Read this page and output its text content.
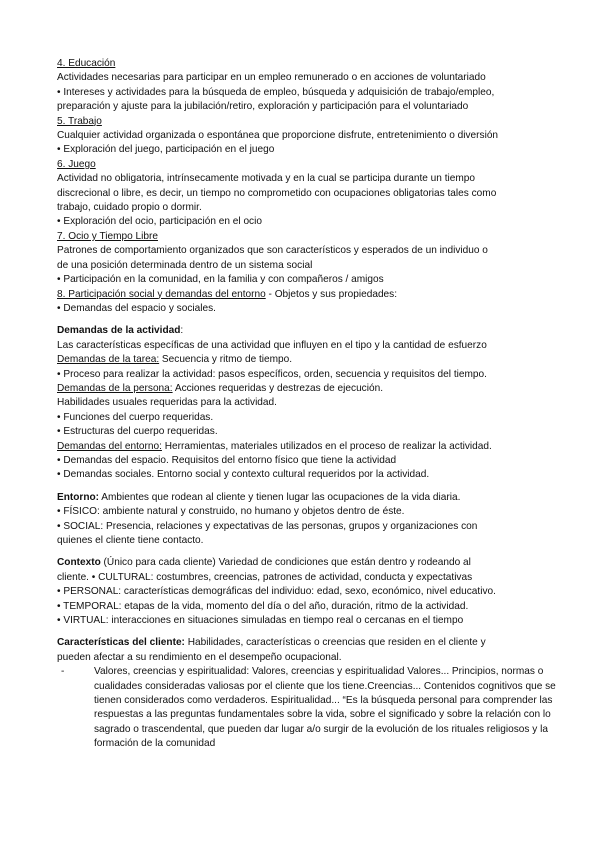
4. Educación

Actividades necesarias para participar en un empleo remunerado o en acciones de voluntariado

• Intereses y actividades para la búsqueda de empleo, búsqueda y adquisición de trabajo/empleo,

preparación y ajuste para la jubilación/retiro, exploración y participación para el voluntariado

5. Trabajo

Cualquier actividad organizada o espontánea que proporcione disfrute, entretenimiento o diversión

• Exploración del juego, participación en el juego

6. Juego

Actividad no obligatoria, intrínsecamente motivada y en la cual se participa durante un tiempo

discrecional o libre, es decir, un tiempo no comprometido con ocupaciones obligatorias tales como

trabajo, cuidado propio o dormir.

• Exploración del ocio, participación en el ocio

7. Ocio y Tiempo Libre

Patrones de comportamiento organizados que son característicos y esperados de un individuo o

de una posición determinada dentro de un sistema social

• Participación en la comunidad, en la familia y con compañeros / amigos

8. Participación social y demandas del entorno - Objetos y sus propiedades:

• Demandas del espacio y sociales.

Demandas de la actividad:

Las características específicas de una actividad que influyen en el tipo y la cantidad de esfuerzo

Demandas de la tarea: Secuencia y ritmo de tiempo.

• Proceso para realizar la actividad: pasos específicos, orden, secuencia y requisitos del tiempo.

Demandas de la persona: Acciones requeridas y destrezas de ejecución.

Habilidades usuales requeridas para la actividad.

• Funciones del cuerpo requeridas.

• Estructuras del cuerpo requeridas.

Demandas del entorno: Herramientas, materiales utilizados en el proceso de realizar la actividad.

• Demandas del espacio. Requisitos del entorno físico que tiene la actividad

• Demandas sociales. Entorno social y contexto cultural requeridos por la actividad.

Entorno: Ambientes que rodean al cliente y tienen lugar las ocupaciones de la vida diaria.

• FÍSICO: ambiente natural y construido, no humano y objetos dentro de éste.

• SOCIAL: Presencia, relaciones y expectativas de las personas, grupos y organizaciones con

quienes el cliente tiene contacto.

Contexto (Único para cada cliente) Variedad de condiciones que están dentro y rodeando al

cliente. • CULTURAL: costumbres, creencias, patrones de actividad, conducta y expectativas

• PERSONAL: características demográficas del individuo: edad, sexo, económico, nivel educativo.

• TEMPORAL: etapas de la vida, momento del día o del año, duración, ritmo de la actividad.

• VIRTUAL: interacciones en situaciones simuladas en tiempo real o cercanas en el tiempo

Características del cliente: Habilidades, características o creencias que residen en el cliente y

pueden afectar a su rendimiento en el desempeño ocupacional.

-	Valores, creencias y espiritualidad: Valores, creencias y espiritualidad Valores... Principios, normas o cualidades consideradas valiosas por el cliente que los tiene.Creencias... Contenidos cognitivos que se tienen considerados como verdaderos. Espiritualidad... “Es la búsqueda personal para comprender las respuestas a las preguntas fundamentales sobre la vida, sobre el significado y sobre la relación con lo sagrado o trascendental, que pueden dar lugar a/o surgir de la evolución de los rituales religiosos y la formación de la comunidad
